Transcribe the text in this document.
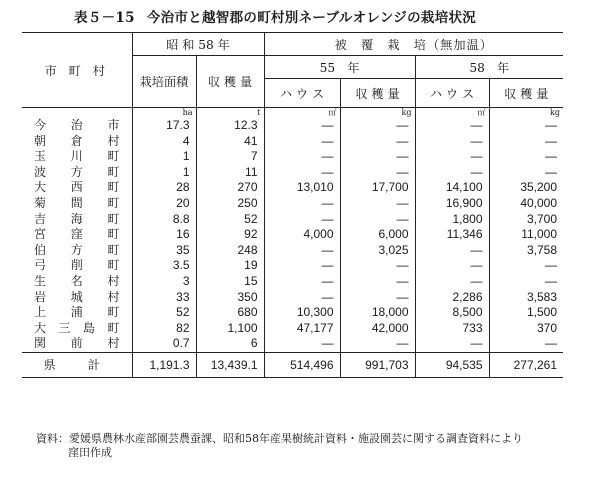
表５－15 今治市と越智郡の町村別ネーブルオレンジの栽培状況
市 町 村	昭 和 58 年		被　覆　栽　培（無加温）			
	栽培面積	収 穫 量	55　年		58　年	
			ハ ウ ス	収 穫 量	ハ ウ ス	収 穫 量
	ha	t	㎡	kg	㎡	kg

今 治 市	17.3	12.3	—	—	—	—

朝 倉 村	4	41	—	—	—	—

玉 川 町	1	7	—	—	—	—

波 方 町	1	11	—	—	—	—

大 西 町	28	270	13,010	17,700	14,100	35,200

菊 間 町	20	250	—	—	16,900	40,000

吉 海 町	8.8	52	—	—	1,800	3,700

宮 窪 町	16	92	4,000	6,000	11,346	11,000

伯 方 町	35	248	—	3,025	—	3,758

弓 削 町	3.5	19	—	—	—	—

生 名 村	3	15	—	—	—	—

岩 城 村	33	350	—	—	2,286	3,583

上 浦 町	52	680	10,300	18,000	8,500	1,500

大 三 島 町	82	1,100	47,177	42,000	733	370

関 前 村	0.7	6	—	—	—	—
県　計	1,191.3	13,439.1	514,496	991,703	94,535	277,261
資料：愛媛県農林水産部園芸農蚕課、昭和58年産果樹統計資料・施設園芸に関する調査資料により
窪田作成
